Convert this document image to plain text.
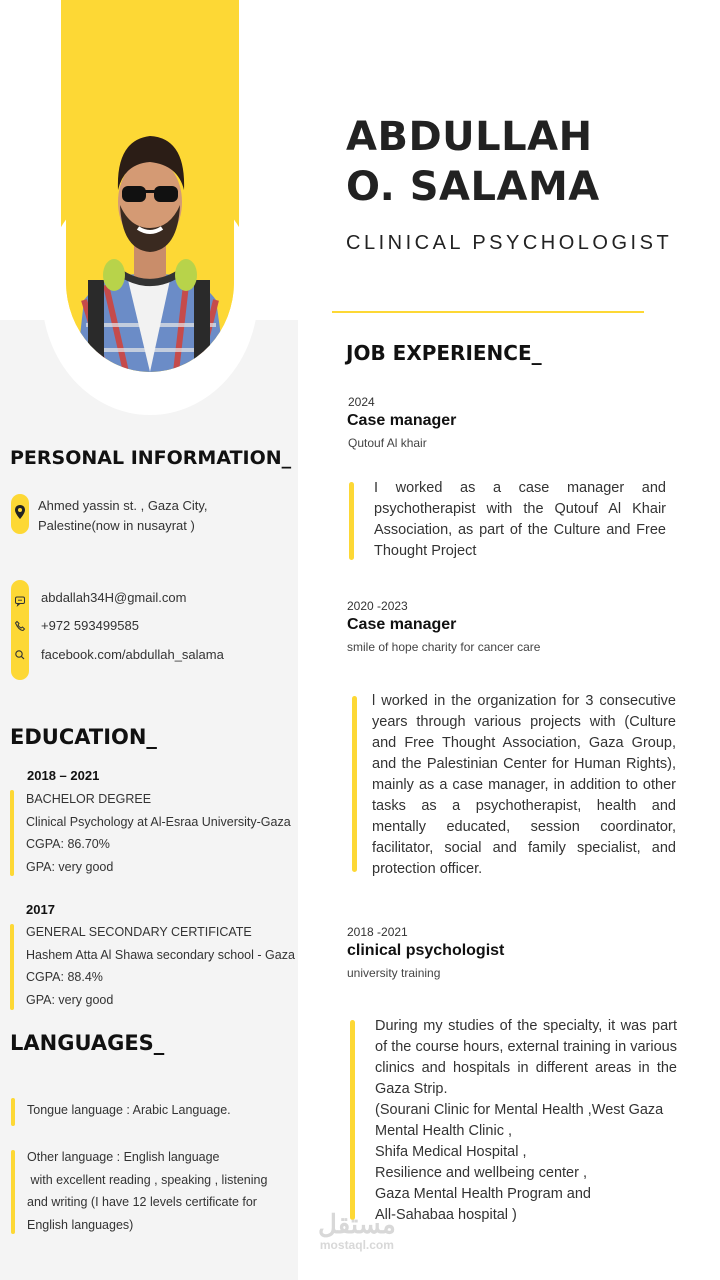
ABDULLAH
O. SALAMA
CLINICAL PSYCHOLOGIST
PERSONAL INFORMATION_
Ahmed yassin st. , Gaza City,
Palestine(now in nusayrat )
abdallah34H@gmail.com
+972 593499585
facebook.com/abdullah_salama
EDUCATION_
2018 – 2021
BACHELOR DEGREE
Clinical Psychology at Al-Esraa University-Gaza
CGPA: 86.70%
GPA: very good
2017
GENERAL SECONDARY CERTIFICATE
Hashem Atta Al Shawa secondary school - Gaza
CGPA: 88.4%
GPA: very good
LANGUAGES_
Tongue language : Arabic Language.
Other language : English language
with excellent reading , speaking , listening
and writing (I have 12 levels certificate for
English languages)
JOB EXPERIENCE_
2024
Case manager
Qutouf Al khair
I worked as a case manager and psychotherapist with the Qutouf Al Khair Association, as part of the Culture and Free Thought Project
2020 -2023
Case manager
smile of hope charity for cancer care
l worked in the organization for 3 consecutive years through various projects with (Culture and Free Thought Association, Gaza Group, and the Palestinian Center for Human Rights), mainly as a case manager, in addition to other tasks as a psychotherapist, health and mentally educated, session coordinator, facilitator, social and family specialist, and protection officer.
2018 -2021
clinical psychologist
university training
During my studies of the specialty, it was part of the course hours, external training in various clinics and hospitals in different areas in the Gaza Strip.
(Sourani Clinic for Mental Health ,West Gaza Mental Health Clinic ,
Shifa Medical Hospital ,
Resilience and wellbeing center ,
Gaza Mental Health Program and
All-Sahabaa hospital )
مستقل
mostaql.com
